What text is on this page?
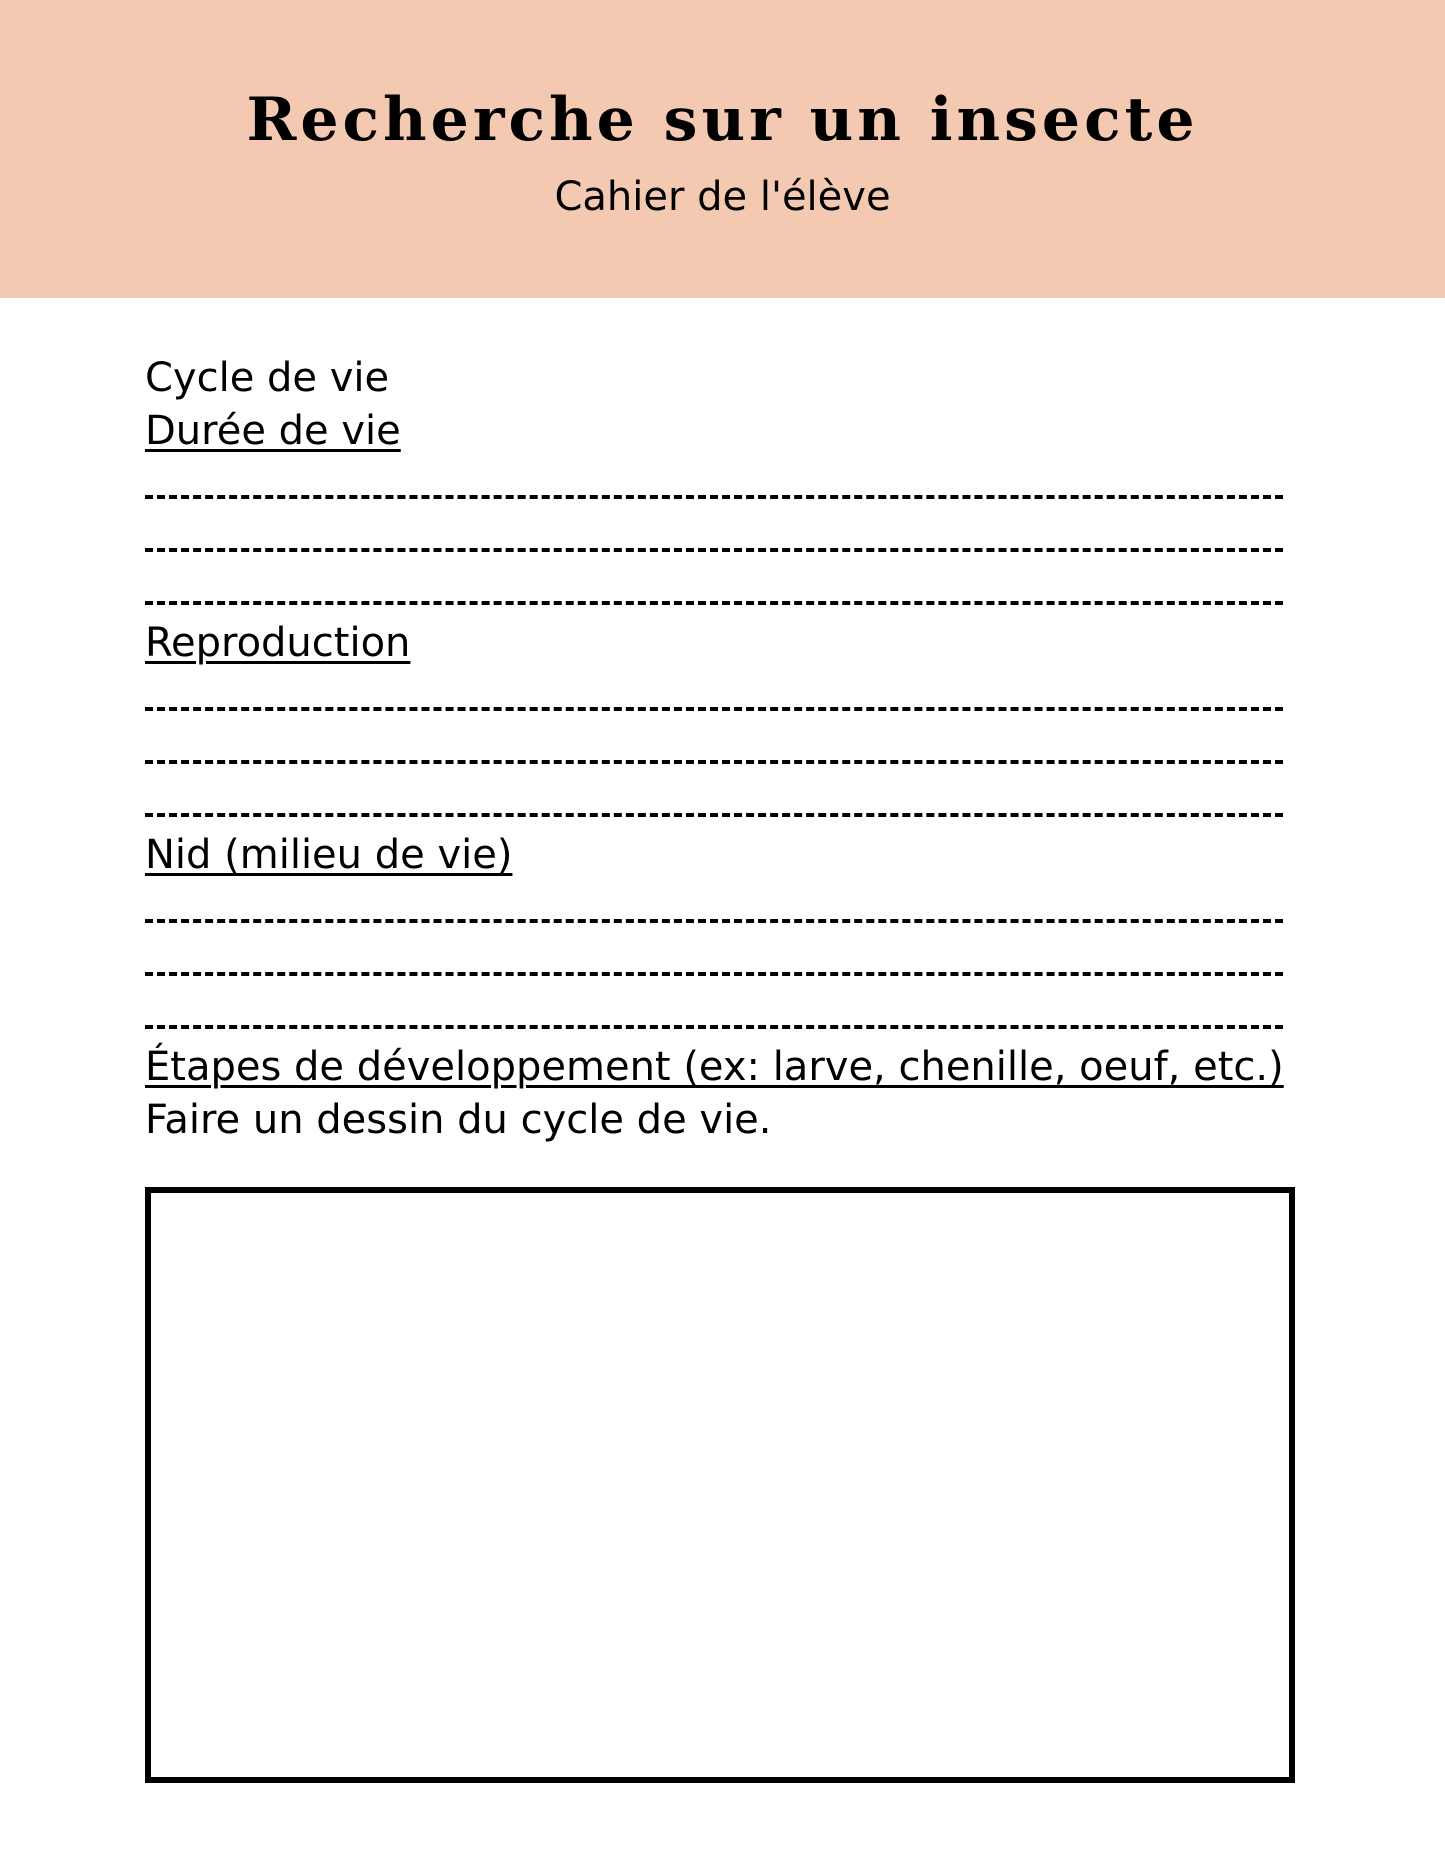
Recherche sur un insecte

Cahier de l'élève

Cycle de vie
Durée de vie
Reproduction
Nid (milieu de vie)
Étapes de développement (ex: larve, chenille, oeuf, etc.)
Faire un dessin du cycle de vie.
